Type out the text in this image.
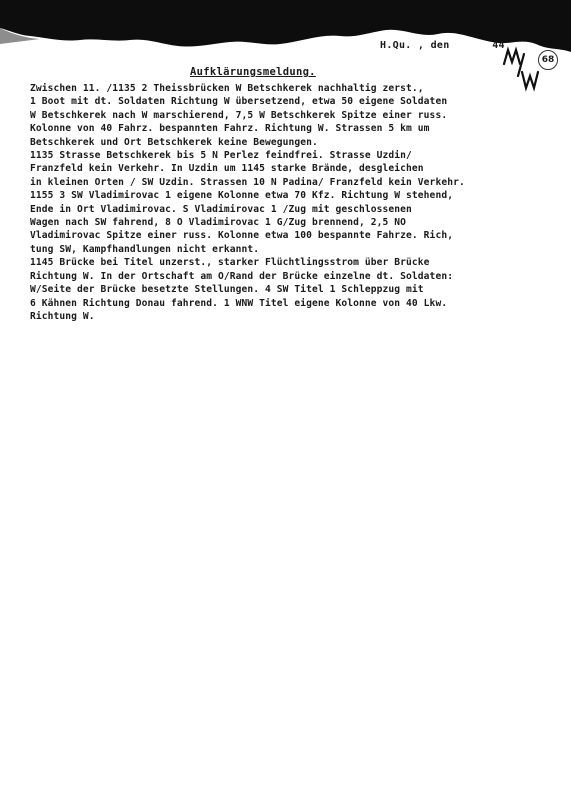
H.Qu. , den	44
68
Aufklärungsmeldung.
Zwischen 11. /1135 2 Theissbrücken W Betschkerek nachhaltig zerst.,
1 Boot mit dt. Soldaten Richtung W übersetzend, etwa 50 eigene Soldaten
W Betschkerek nach W marschierend, 7,5 W Betschkerek Spitze einer russ.
Kolonne von 40 Fahrz. bespannten Fahrz. Richtung W. Strassen 5 km um
Betschkerek und Ort Betschkerek keine Bewegungen.
1135 Strasse Betschkerek bis 5 N Perlez feindfrei. Strasse Uzdin/
Franzfeld kein Verkehr. In Uzdin um 1145 starke Brände, desgleichen
in kleinen Orten / SW Uzdin. Strassen 10 N Padina/ Franzfeld kein Verkehr.
1155 3 SW Vladimirovac 1 eigene Kolonne etwa 70 Kfz. Richtung W stehend,
Ende in Ort Vladimirovac. S Vladimirovac 1 /Zug mit geschlossenen
Wagen nach SW fahrend, 8 O Vladimirovac 1 G/Zug brennend, 2,5 NO
Vladimirovac Spitze einer russ. Kolonne etwa 100 bespannte Fahrze. Rich,
tung SW, Kampfhandlungen nicht erkannt.
1145 Brücke bei Titel unzerst., starker Flüchtlingsstrom über Brücke
Richtung W. In der Ortschaft am O/Rand der Brücke einzelne dt. Soldaten:
W/Seite der Brücke besetzte Stellungen. 4 SW Titel 1 Schleppzug mit
6 Kähnen Richtung Donau fahrend. 1 WNW Titel eigene Kolonne von 40 Lkw.
Richtung W.
